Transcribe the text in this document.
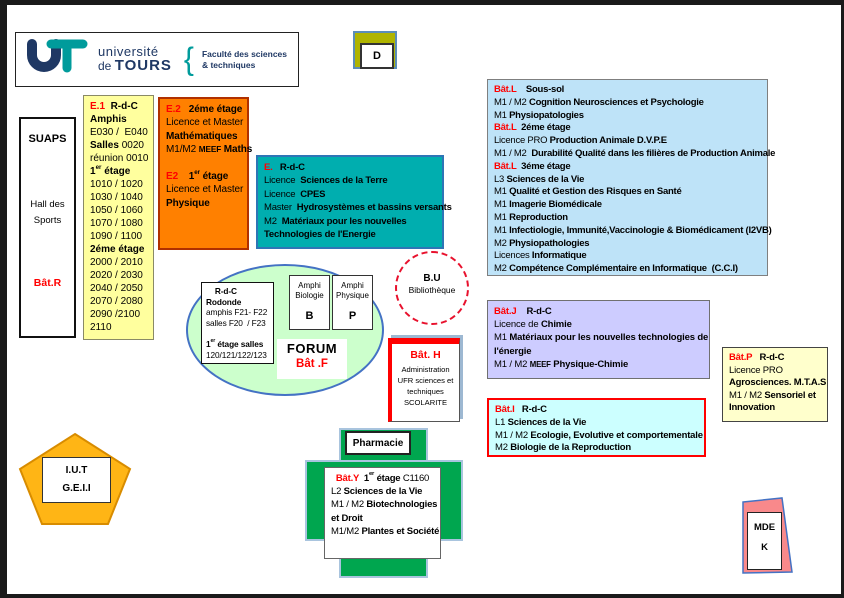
université
de TOURS { Faculté des sciences
& techniques
D
SUAPS
Hall des
Sports
Bât.R
E.1  R-d-C
Amphis
E030 /  E040
Salles 0020
réunion 0010
1er étage
1010 / 1020
1030 / 1040
1050 / 1060
1070 / 1080
1090 / 1100
2éme étage
2000 / 2010
2020 / 2030
2040 / 2050
2070 / 2080
2090 /2100
2110
E.2   2éme étage
Licence et Master
Mathématiques
M1/M2 MEEF Maths

E2    1er étage
Licence et Master
Physique
E.   R-d-C
Licence  Sciences de la Terre
Licence  CPES
Master  Hydrosystèmes et bassins versants
M2  Matériaux pour les nouvelles
Technologies de l'Energie
Bât.L    Sous-sol
M1 / M2 Cognition Neurosciences et Psychologie
M1 Physiopatologies
Bât.L  2éme étage
Licence PRO Production Animale D.V.P.E
M1 / M2  Durabilité Qualité dans les filières de Production Animale
Bât.L  3éme étage
L3 Sciences de la Vie
M1 Qualité et Gestion des Risques en Santé
M1 Imagerie Biomédicale
M1 Reproduction
M1 Infectiologie, Immunité,Vaccinologie & Biomédicament (I2VB)
M2 Physiopathologies
Licences Informatique
M2 Compétence Complémentaire en Informatique  (C.C.I)
R-d-C
Rodonde
amphis F21- F22
salles F20  / F23

1er étage salles
120/121/122/123
Amphi
Biologie
B
Amphi
Physique
P
FORUM
Bât .F
B.U
Bibliothèque
Bât. H
Administration
UFR sciences et
techniques
SCOLARITE
Bât.J    R-d-C
Licence de Chimie
M1 Matériaux pour les nouvelles technologies de
l'énergie
M1 / M2 MEEF Physique-Chimie
Bât.P   R-d-C
Licence PRO
Agrosciences. M.T.A.S
M1 / M2 Sensoriel et
Innovation
Bât.I   R-d-C
L1 Sciences de la Vie
M1 / M2 Ecologie, Evolutive et comportementale
M2 Biologie de la Reproduction
Pharmacie
Bât.Y  1er étage C1160
L2 Sciences de la Vie
M1 / M2 Biotechnologies
et Droit
M1/M2 Plantes et Société
I.U.T
G.E.I.I
MDE
K
